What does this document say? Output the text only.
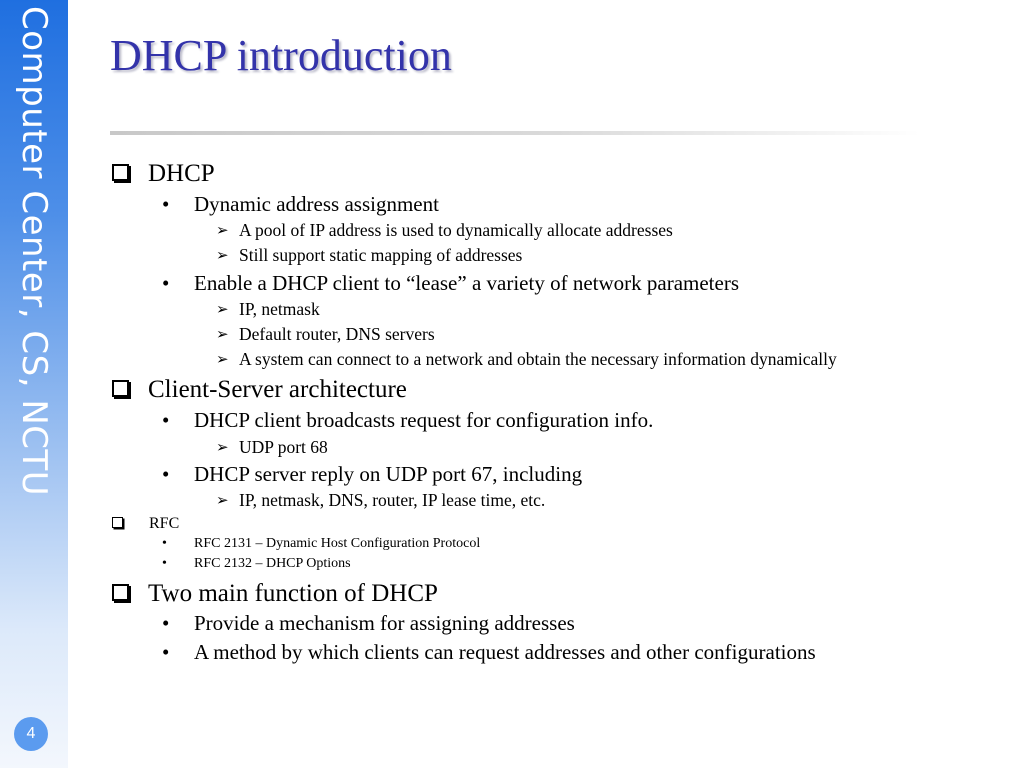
Computer Center, CS, NCTU
4
DHCP introduction
DHCP
• Dynamic address assignment
➢ A pool of IP address is used to dynamically allocate addresses
➢ Still support static mapping of addresses
• Enable a DHCP client to “lease” a variety of network parameters
➢ IP, netmask
➢ Default router, DNS servers
➢ A system can connect to a network and obtain the necessary information dynamically
Client-Server architecture
• DHCP client broadcasts request for configuration info.
➢ UDP port 68
• DHCP server reply on UDP port 67, including
➢ IP, netmask, DNS, router, IP lease time, etc.
RFC
• RFC 2131 – Dynamic Host Configuration Protocol
• RFC 2132 – DHCP Options
Two main function of DHCP
• Provide a mechanism for assigning addresses
• A method by which clients can request addresses and other configurations
